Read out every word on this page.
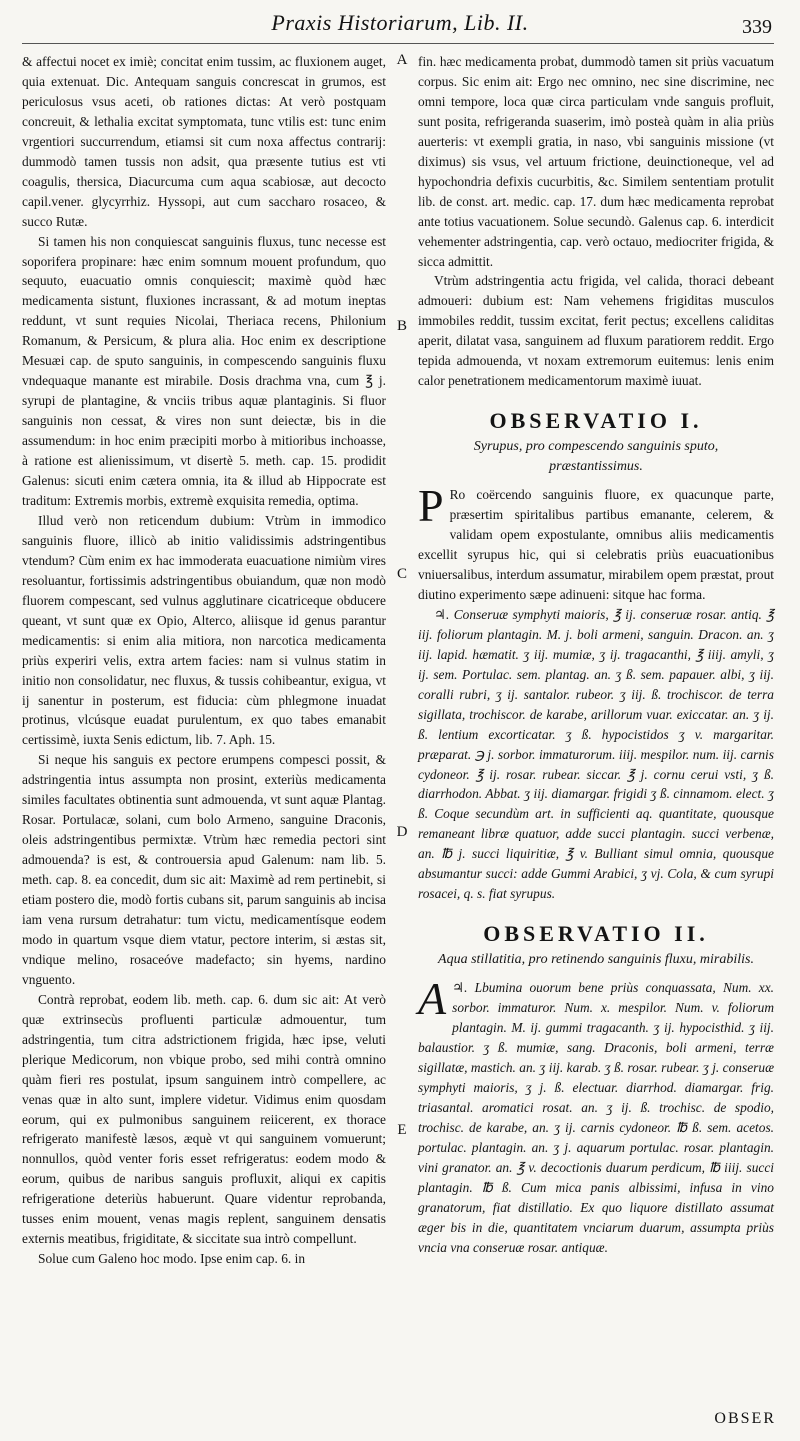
Praxis Historiarum, Lib. II.	339

& affectui nocet ex imiè; concitat enim tussim, ac fluxionem auget, quia extenuat. Dic. Antequam sanguis concrescat in grumos, est periculosus vsus aceti, ob rationes dictas: At verò postquam concreuit, & lethalia excitat symptomata, tunc vtilis est: tunc enim vrgentiori succurrendum, etiamsi sit cum noxa affectus contrarij: dummodò tamen tussis non adsit, qua præsente tutius est vti coagulis, thersica, Diacurcuma cum aqua scabiosæ, aut decocto capil.vener. glycyrrhiz. Hyssopi, aut cum saccharo rosaceo, & succo Rutæ.

Si tamen his non conquiescat sanguinis fluxus, tunc necesse est soporifera propinare: hæc enim somnum mouent profundum, quo sequuto, euacuatio omnis conquiescit; maximè quòd hæc medicamenta sistunt, fluxiones incrassant, & ad motum ineptas reddunt, vt sunt requies Nicolai, Theriaca recens, Philonium Romanum, & Persicum, & plura alia. Hoc enim ex descriptione Mesuæi cap. de sputo sanguinis, in compescendo sanguinis fluxu vndequaque manante est mirabile. Dosis drachma vna, cum ℥ j. syrupi de plantagine, & vnciis tribus aquæ plantaginis. Si fluor sanguinis non cessat, & vires non sunt deiectæ, bis in die assumendum: in hoc enim præcipiti morbo à mitioribus inchoasse, à ratione est alienissimum, vt disertè 5. meth. cap. 15. prodidit Galenus: sicuti enim cætera omnia, ita & illud ab Hippocrate est traditum: Extremis morbis, extremè exquisita remedia, optima.

Illud verò non reticendum dubium: Vtrùm in immodico sanguinis fluore, illicò ab initio validissimis adstringentibus vtendum? Cùm enim ex hac immoderata euacuatione nimiùm vires resoluantur, fortissimis adstringentibus obuiandum, quæ non modò fluorem compescant, sed vulnus agglutinare cicatriceque obducere queant, vt sunt quæ ex Opio, Alterco, aliisque id genus parantur medicamentis: si enim alia mitiora, non narcotica medicamenta priùs experiri velis, extra artem facies: nam si vulnus statim in initio non consolidatur, nec fluxus, & tussis cohibeantur, exigua, vt ij sanentur in posterum, est fiducia: cùm phlegmone inuadat protinus, vlcúsque euadat purulentum, ex quo tabes emanabit certissimè, iuxta Senis edictum, lib. 7. Aph. 15.

Si neque his sanguis ex pectore erumpens compesci possit, & adstringentia intus assumpta non prosint, exteriùs medicamenta similes facultates obtinentia sunt admouenda, vt sunt aquæ Plantag. Rosar. Portulacæ, solani, cum bolo Armeno, sanguine Draconis, oleis adstringentibus permixtæ. Vtrùm hæc remedia pectori sint admouenda? is est, & controuersia apud Galenum: nam lib. 5. meth. cap. 8. ea concedit, dum sic ait: Maximè ad rem pertinebit, si etiam postero die, modò fortis cubans sit, parum sanguinis ab incisa iam vena rursum detrahatur: tum victu, medicamentísque eodem modo in quartum vsque diem vtatur, pectore interim, si æstas sit, vndique melino, rosaceóve madefacto; sin hyems, nardino vnguento.

Contrà reprobat, eodem lib. meth. cap. 6. dum sic ait: At verò quæ extrinsecùs profluenti particulæ admouentur, tum adstringentia, tum citra adstrictionem frigida, hæc ipse, veluti plerique Medicorum, non vbique probo, sed mihi contrà omnino quàm fieri res postulat, ipsum sanguinem intrò compellere, ac venas quæ in alto sunt, implere videtur. Vidimus enim quosdam eorum, qui ex pulmonibus sanguinem reiicerent, ex thorace refrigerato manifestè læsos, æquè vt qui sanguinem vomuerunt; nonnullos, quòd venter foris esset refrigeratus: eodem modo & eorum, quibus de naribus sanguis profluxit, aliqui ex capitis refrigeratione deteriùs habuerunt. Quare videntur reprobanda, tusses enim mouent, venas magis replent, sanguinem densatis externis meatibus, frigiditate, & siccitate sua intrò compellunt.

Solue cum Galeno hoc modo. Ipse enim cap. 6. in

A
B
C
D
E

fin. hæc medicamenta probat, dummodò tamen sit priùs vacuatum corpus. Sic enim ait: Ergo nec omnino, nec sine discrimine, nec omni tempore, loca quæ circa particulam vnde sanguis profluit, sunt posita, refrigeranda suaserim, imò posteà quàm in alia priùs auerteris: vt exempli gratia, in naso, vbi sanguinis missione (vt diximus) sis vsus, vel artuum frictione, deuinctioneque, vel ad hypochondria defixis cucurbitis, &c. Similem sententiam protulit lib. de const. art. medic. cap. 17. dum hæc medicamenta reprobat ante totius vacuationem. Solue secundò. Galenus cap. 6. interdicit vehementer adstringentia, cap. verò octauo, mediocriter frigida, & sicca admittit.

Vtrùm adstringentia actu frigida, vel calida, thoraci debeant admoueri: dubium est: Nam vehemens frigiditas musculos immobiles reddit, tussim excitat, ferit pectus; excellens caliditas aperit, dilatat vasa, sanguinem ad fluxum paratiorem reddit. Ergo tepida admouenda, vt noxam extremorum euitemus: lenis enim calor penetrationem medicamentorum maximè iuuat.

OBSERVATIO I.
Syrupus, pro compescendo sanguinis sputo, præstantissimus.

P Ro coërcendo sanguinis fluore, ex quacunque parte, præsertim spiritalibus partibus emanante, celerem, & validam opem expostulante, omnibus aliis medicamentis excellit syrupus hic, qui si celebratis priùs euacuationibus vniuersalibus, interdum assumatur, mirabilem opem præstat, prout diutino experimento sæpe adinueni: sitque hac forma.

♃. Conseruæ symphyti maioris, ℥ ij. conseruæ rosar. antiq. ℥ iij. foliorum plantagin. M. j. boli armeni, sanguin. Dracon. an. ʒ iij. lapid. hæmatit. ʒ iij. mumiæ, ʒ ij. tragacanthi, ℥ iiij. amyli, ʒ ij. sem. Portulac. sem. plantag. an. ʒ ß. sem. papauer. albi, ʒ iij. coralli rubri, ʒ ij. santalor. rubeor. ʒ iij. ß. trochiscor. de terra sigillata, trochiscor. de karabe, arillorum vuar. exiccatar. an. ʒ ij. ß. lentium excorticatar. ʒ ß. hypocistidos ʒ v. margaritar. præparat. ℈ j. sorbor. immaturorum. iiij. mespilor. num. iij. carnis cydoneor. ℥ ij. rosar. rubear. siccar. ℥ j. cornu cerui vsti, ʒ ß. diarrhodon. Abbat. ʒ iij. diamargar. frigidi ʒ ß. cinnamom. elect. ʒ ß. Coque secundùm art. in sufficienti aq. quantitate, quousque remaneant libræ quatuor, adde succi plantagin. succi verbenæ, an. ℔ j. succi liquiritiæ, ℥ v. Bulliant simul omnia, quousque absumantur succi: adde Gummi Arabici, ʒ vj. Cola, & cum syrupi rosacei, q. s. fiat syrupus.

OBSERVATIO II.
Aqua stillatitia, pro retinendo sanguinis fluxu, mirabilis.

♃.
A Lbumina ouorum bene priùs conquassata, Num. xx. sorbor. immaturor. Num. x. mespilor. Num. v. foliorum plantagin. M. ij. gummi tragacanth. ʒ ij. hypocisthid. ʒ iij. balaustior. ʒ ß. mumiæ, sang. Draconis, boli armeni, terræ sigillatæ, mastich. an. ʒ iij. karab. ʒ ß. rosar. rubear. ʒ j. conseruæ symphyti maioris, ʒ j. ß. electuar. diarrhod. diamargar. frig. triasantal. aromatici rosat. an. ʒ ij. ß. trochisc. de spodio, trochisc. de karabe, an. ʒ ij. carnis cydoneor. ℔ ß. sem. acetos. portulac. plantagin. an. ʒ j. aquarum portulac. rosar. plantagin. vini granator. an. ℥ v. decoctionis duarum perdicum, ℔ iiij. succi plantagin. ℔ ß. Cum mica panis albissimi, infusa in vino granatorum, fiat distillatio. Ex quo liquore distillato assumat æger bis in die, quantitatem vnciarum duarum, assumpta priùs vncia vna conseruæ rosar. antiquæ.

OBSER
